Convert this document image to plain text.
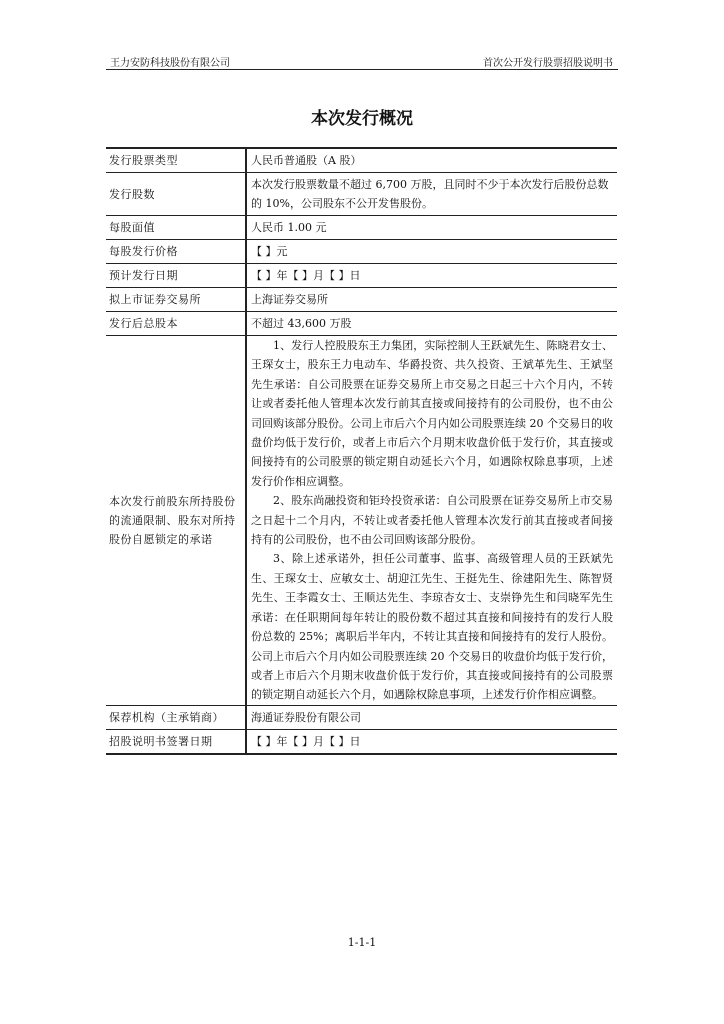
王力安防科技股份有限公司	首次公开发行股票招股说明书
本次发行概况
发行股票类型	人民币普通股（A 股）
发行股数	本次发行股票数量不超过 6,700 万股，且同时不少于本次发行后股份总数的 10%，公司股东不公开发售股份。
每股面值	人民币 1.00 元
每股发行价格	【 】元
预计发行日期	【 】年【 】月【 】日
拟上市证券交易所	上海证券交易所
发行后总股本	不超过 43,600 万股
本次发行前股东所持股份的流通限制、股东对所持股份自愿锁定的承诺	1、发行人控股股东王力集团，实际控制人王跃斌先生、陈晓君女士、王琛女士，股东王力电动车、华爵投资、共久投资、王斌革先生、王斌坚先生承诺：自公司股票在证券交易所上市交易之日起三十六个月内，不转让或者委托他人管理本次发行前其直接或间接持有的公司股份，也不由公司回购该部分股份。公司上市后六个月内如公司股票连续 20 个交易日的收盘价均低于发行价，或者上市后六个月期末收盘价低于发行价，其直接或间接持有的公司股票的锁定期自动延长六个月，如遇除权除息事项，上述发行价作相应调整。

2、股东尚融投资和钜玲投资承诺：自公司股票在证券交易所上市交易之日起十二个月内，不转让或者委托他人管理本次发行前其直接或者间接持有的公司股份，也不由公司回购该部分股份。

3、除上述承诺外，担任公司董事、监事、高级管理人员的王跃斌先生、王琛女士、应敏女士、胡迎江先生、王挺先生、徐建阳先生、陈智贤先生、王李霞女士、王顺达先生、李琼杏女士、支崇铮先生和闫晓军先生承诺：在任职期间每年转让的股份数不超过其直接和间接持有的发行人股份总数的 25%；离职后半年内，不转让其直接和间接持有的发行人股份。公司上市后六个月内如公司股票连续 20 个交易日的收盘价均低于发行价，或者上市后六个月期末收盘价低于发行价，其直接或间接持有的公司股票的锁定期自动延长六个月，如遇除权除息事项，上述发行价作相应调整。

保荐机构（主承销商）	海通证券股份有限公司
招股说明书签署日期	【 】年【 】月【 】日
1-1-1
